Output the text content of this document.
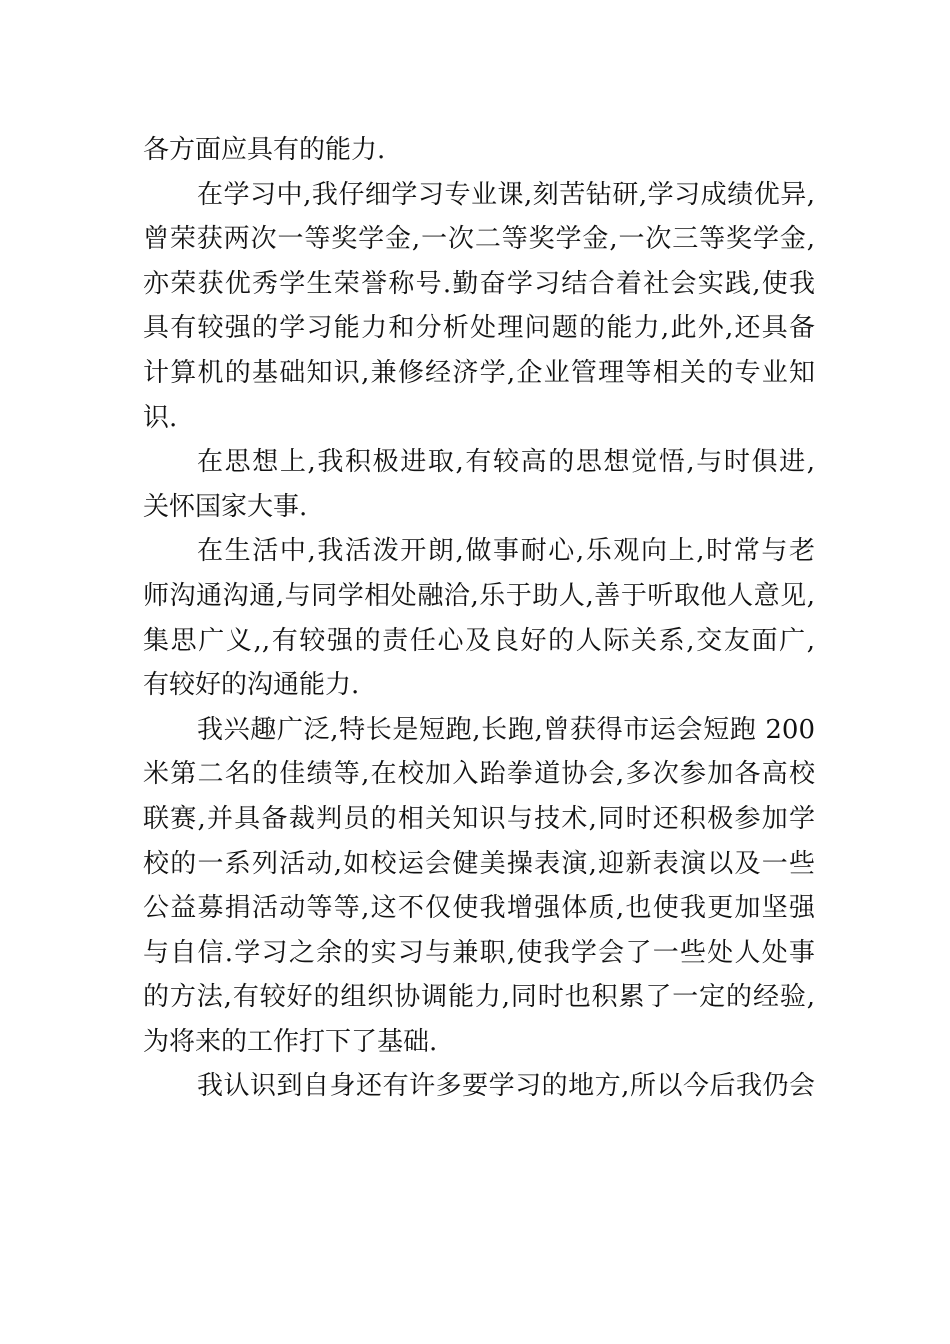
各方面应具有的能力.
在学习中,我仔细学习专业课,刻苦钻研,学习成绩优异,
曾荣获两次一等奖学金,一次二等奖学金,一次三等奖学金,
亦荣获优秀学生荣誉称号.勤奋学习结合着社会实践,使我
具有较强的学习能力和分析处理问题的能力,此外,还具备
计算机的基础知识,兼修经济学,企业管理等相关的专业知
识.
在思想上,我积极进取,有较高的思想觉悟,与时俱进,
关怀国家大事.
在生活中,我活泼开朗,做事耐心,乐观向上,时常与老
师沟通沟通,与同学相处融洽,乐于助人,善于听取他人意见,
集思广义,,有较强的责任心及良好的人际关系,交友面广,
有较好的沟通能力.
我兴趣广泛,特长是短跑,长跑,曾获得市运会短跑 200
米第二名的佳绩等,在校加入跆拳道协会,多次参加各高校
联赛,并具备裁判员的相关知识与技术,同时还积极参加学
校的一系列活动,如校运会健美操表演,迎新表演以及一些
公益募捐活动等等,这不仅使我增强体质,也使我更加坚强
与自信.学习之余的实习与兼职,使我学会了一些处人处事
的方法,有较好的组织协调能力,同时也积累了一定的经验,
为将来的工作打下了基础.
我认识到自身还有许多要学习的地方,所以今后我仍会
